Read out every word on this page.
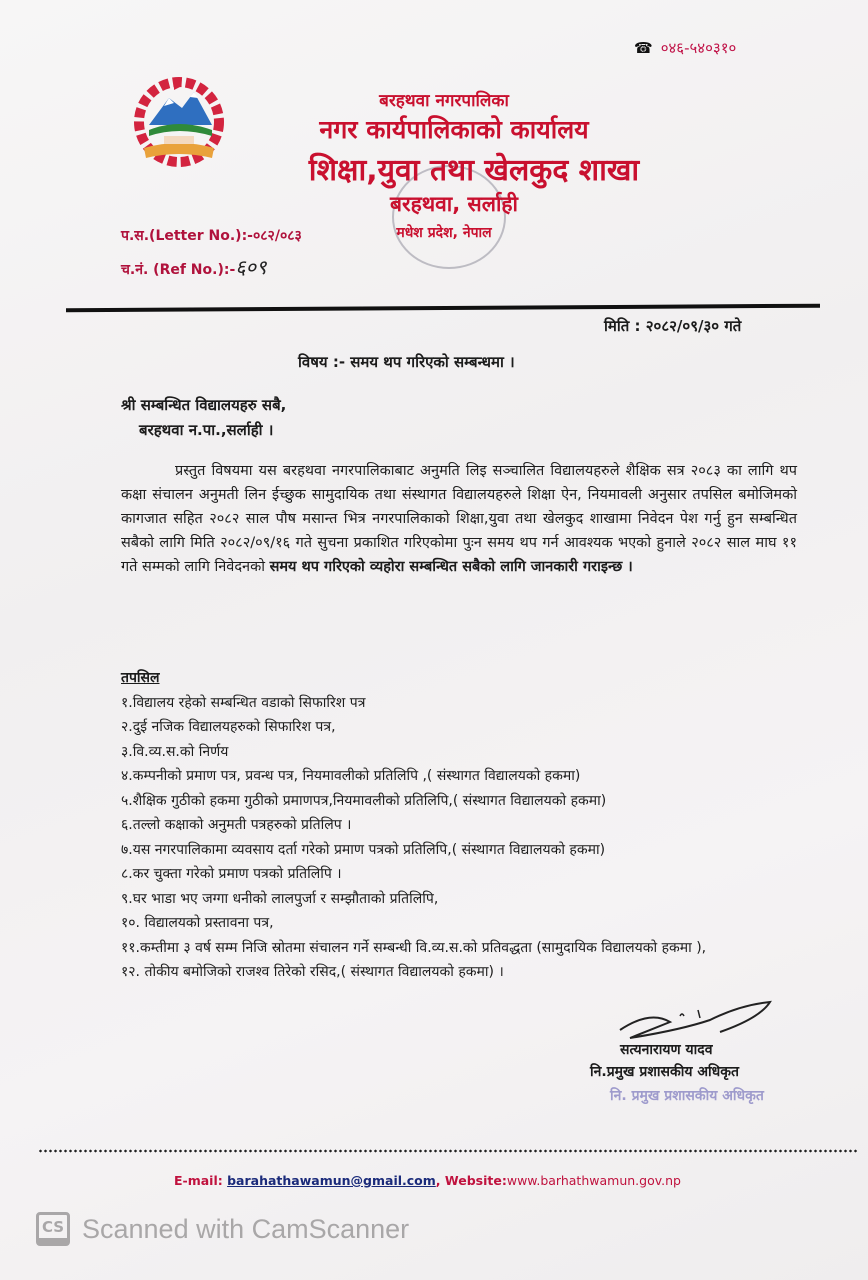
☎ ०४६-५४०३१०
बरहथवा नगरपालिका
नगर कार्यपालिकाको कार्यालय
शिक्षा,युवा तथा खेलकुद शाखा
बरहथवा, सर्लाही
मधेश प्रदेश, नेपाल
प.स.(Letter No.):-०८२/०८३
च.नं. (Ref No.):-६०९
मिति : २०८२/०९/३० गते
विषय :- समय थप गरिएको सम्बन्धमा ।
श्री सम्बन्धित विद्यालयहरु सबै,
बरहथवा न.पा.,सर्लाही ।
प्रस्तुत विषयमा यस बरहथवा नगरपालिकाबाट अनुमति लिइ सञ्चालित विद्यालयहरुले शैक्षिक सत्र २०८३ का लागि थप कक्षा संचालन अनुमती लिन ईच्छुक सामुदायिक तथा संस्थागत विद्यालयहरुले शिक्षा ऐन, नियमावली अनुसार तपसिल बमोजिमको कागजात सहित २०८२ साल पौष मसान्त भित्र नगरपालिकाको शिक्षा,युवा तथा खेलकुद शाखामा निवेदन पेश गर्नु हुन सम्बन्धित सबैको लागि मिति २०८२/०९/१६ गते सुचना प्रकाशित गरिएकोमा पुःन समय थप गर्न आवश्यक भएको हुनाले २०८२ साल माघ ११ गते सम्मको लागि निवेदनको समय थप गरिएको व्यहोरा सम्बन्धित सबैको लागि जानकारी गराइन्छ ।
तपसिल
१.विद्यालय रहेको सम्बन्धित वडाको सिफारिश पत्र
२.दुई नजिक विद्यालयहरुको सिफारिश पत्र,
३.वि.व्य.स.को निर्णय
४.कम्पनीको प्रमाण पत्र, प्रवन्ध पत्र, नियमावलीको प्रतिलिपि ,( संस्थागत विद्यालयको हकमा)
५.शैक्षिक गुठीको हकमा गुठीको प्रमाणपत्र,नियमावलीको प्रतिलिपि,( संस्थागत विद्यालयको हकमा)
६.तल्लो कक्षाको अनुमती पत्रहरुको प्रतिलिप ।
७.यस नगरपालिकामा व्यवसाय दर्ता गरेको प्रमाण पत्रको प्रतिलिपि,( संस्थागत विद्यालयको हकमा)
८.कर चुक्ता गरेको प्रमाण पत्रको प्रतिलिपि ।
९.घर भाडा भए जग्गा धनीको लालपुर्जा र सम्झौताको प्रतिलिपि,
१०. विद्यालयको प्रस्तावना पत्र,
११.कम्तीमा ३ वर्ष सम्म निजि स्रोतमा संचालन गर्ने सम्बन्धी वि.व्य.स.को प्रतिवद्धता (सामुदायिक विद्यालयको हकमा ),
१२. तोकीय बमोजिको राजश्व तिरेको रसिद,( संस्थागत विद्यालयको हकमा) ।
सत्यनारायण यादव
नि.प्रमुख प्रशासकीय अधिकृत
नि. प्रमुख प्रशासकीय अधिकृत
E-mail: barahathawamun@gmail.com, Website:www.barhathwamun.gov.np
CS Scanned with CamScanner
